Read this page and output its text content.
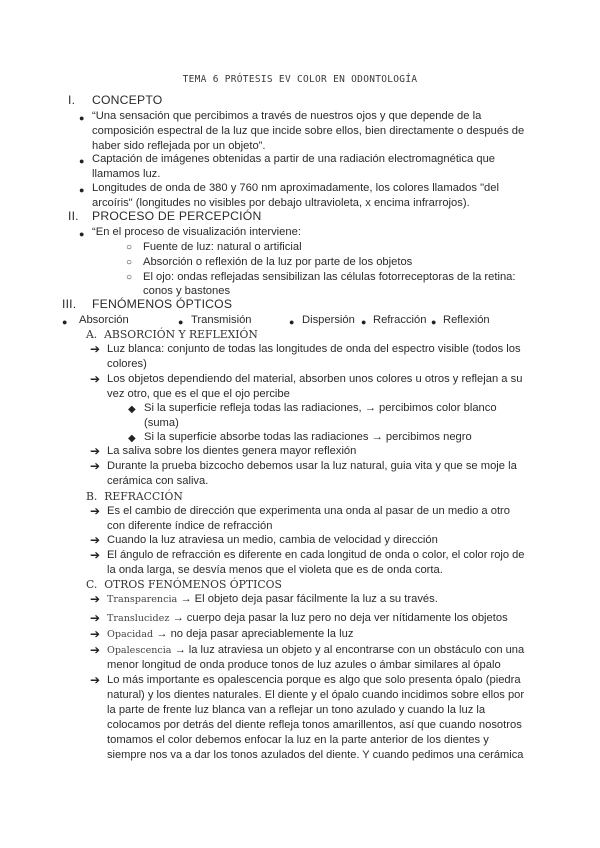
TEMA 6 PRÓTESIS EV COLOR EN ODONTOLOGÍA
I. CONCEPTO
● “Una sensación que percibimos a través de nuestros ojos y que depende de la
composición espectral de la luz que incide sobre ellos, bien directamente o después de
haber sido reflejada por un objeto”.
● Captación de imágenes obtenidas a partir de una radiación electromagnética que
llamamos luz.
● Longitudes de onda de 380 y 760 nm aproximadamente, los colores llamados "del
arcoíris" (longitudes no visibles por debajo ultravioleta, x encima infrarrojos).
II. PROCESO DE PERCEPCIÓN
● “En el proceso de visualización interviene:
○ Fuente de luz: natural o artificial
○ Absorción o reflexión de la luz por parte de los objetos
○ El ojo: ondas reflejadas sensibilizan las células fotorreceptoras de la retina:
conos y bastones
III. FENÓMENOS ÓPTICOS
● Absorción	● Transmisión	● Dispersión ● Refracción ● Reflexión
A. ABSORCIÓN Y REFLEXIÓN
➔ Luz blanca: conjunto de todas las longitudes de onda del espectro visible (todos los
colores)
➔ Los objetos dependiendo del material, absorben unos colores u otros y reflejan a su
vez otro, que es el que el ojo percibe
◆ Si la superficie refleja todas las radiaciones, → percibimos color blanco
(suma)
◆ Si la superficie absorbe todas las radiaciones → percibimos negro
➔ La saliva sobre los dientes genera mayor reflexión
➔ Durante la prueba bizcocho debemos usar la luz natural, guia vita y que se moje la
cerámica con saliva.
B. REFRACCIÓN
➔ Es el cambio de dirección que experimenta una onda al pasar de un medio a otro
con diferente índice de refracción
➔ Cuando la luz atraviesa un medio, cambia de velocidad y dirección
➔ El ángulo de refracción es diferente en cada longitud de onda o color, el color rojo de
la onda larga, se desvía menos que el violeta que es de onda corta.
C. OTROS FENÓMENOS ÓPTICOS
➔ Transparencia → El objeto deja pasar fácilmente la luz a su través.
➔ Translucidez → cuerpo deja pasar la luz pero no deja ver nítidamente los objetos
➔ Opacidad → no deja pasar apreciablemente la luz
➔ Opalescencia → la luz atraviesa un objeto y al encontrarse con un obstáculo con una
menor longitud de onda produce tonos de luz azules o ámbar similares al ópalo
➔ Lo más importante es opalescencia porque es algo que solo presenta ópalo (piedra
natural) y los dientes naturales. El diente y el ópalo cuando incidimos sobre ellos por
la parte de frente luz blanca van a reflejar un tono azulado y cuando la luz la
colocamos por detrás del diente refleja tonos amarillentos, así que cuando nosotros
tomamos el color debemos enfocar la luz en la parte anterior de los dientes y
siempre nos va a dar los tonos azulados del diente. Y cuando pedimos una cerámica
